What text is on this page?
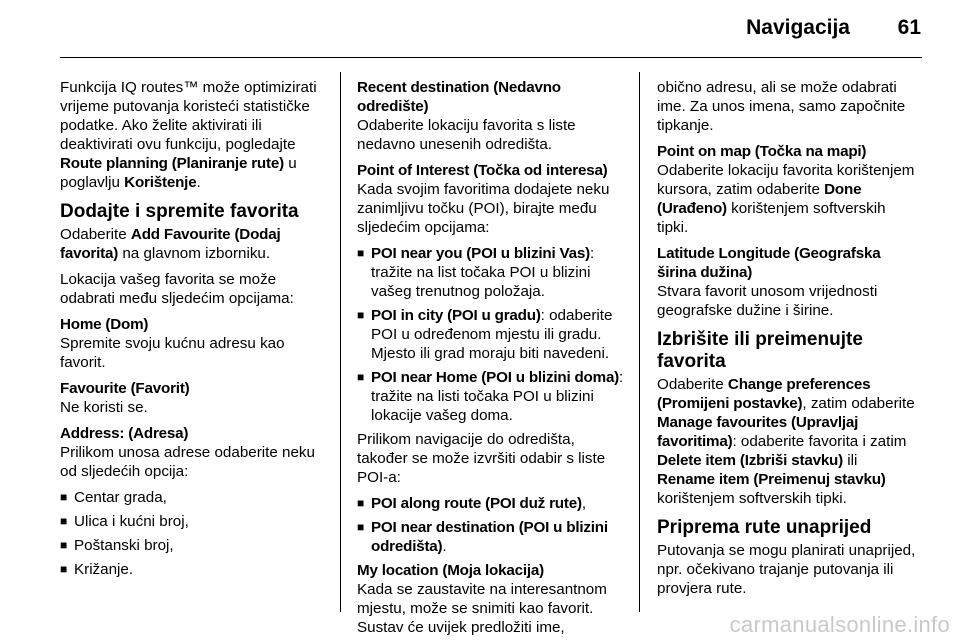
Navigacija 61

Funkcija IQ routes™ može optimizirati vrijeme putovanja koristeći statističke podatke. Ako želite aktivirati ili deaktivirati ovu funkciju, pogledajte Route planning (Planiranje rute) u poglavlju Korištenje.

Dodajte i spremite favorita

Odaberite Add Favourite (Dodaj favorita) na glavnom izborniku.

Lokacija vašeg favorita se može odabrati među sljedećim opcijama:

Home (Dom)
Spremite svoju kućnu adresu kao favorit.
Favourite (Favorit)
Ne koristi se.
Address: (Adresa)
Prilikom unosa adrese odaberite neku od sljedećih opcija:
■ Centar grada,
■ Ulica i kućni broj,
■ Poštanski broj,
■ Križanje.
Recent destination (Nedavno odredište)
Odaberite lokaciju favorita s liste nedavno unesenih odredišta.
Point of Interest (Točka od interesa)
Kada svojim favoritima dodajete neku zanimljivu točku (POI), birajte među sljedećim opcijama:
■ POI near you (POI u blizini Vas): tražite na list točaka POI u blizini vašeg trenutnog položaja.
■ POI in city (POI u gradu): odaberite POI u određenom mjestu ili gradu. Mjesto ili grad moraju biti navedeni.
■ POI near Home (POI u blizini doma): tražite na listi točaka POI u blizini lokacije vašeg doma.

Prilikom navigacije do odredišta, također se može izvršiti odabir s liste POI-a:

■ POI along route (POI duž rute),
■ POI near destination (POI u blizini odredišta).
My location (Moja lokacija)
Kada se zaustavite na interesantnom mjestu, može se snimiti kao favorit. Sustav će uvijek predložiti ime,

obično adresu, ali se može odabrati ime. Za unos imena, samo započnite tipkanje.

Point on map (Točka na mapi)
Odaberite lokaciju favorita korištenjem kursora, zatim odaberite Done (Urađeno) korištenjem softverskih tipki.
Latitude Longitude (Geografska širina dužina)
Stvara favorit unosom vrijednosti geografske dužine i širine.
Izbrišite ili preimenujte favorita

Odaberite Change preferences (Promijeni postavke), zatim odaberite Manage favourites (Upravljaj favoritima): odaberite favorita i zatim Delete item (Izbriši stavku) ili Rename item (Preimenuj stavku) korištenjem softverskih tipki.

Priprema rute unaprijed

Putovanja se mogu planirati unaprijed, npr. očekivano trajanje putovanja ili provjera rute.

carmanualsonline.info
